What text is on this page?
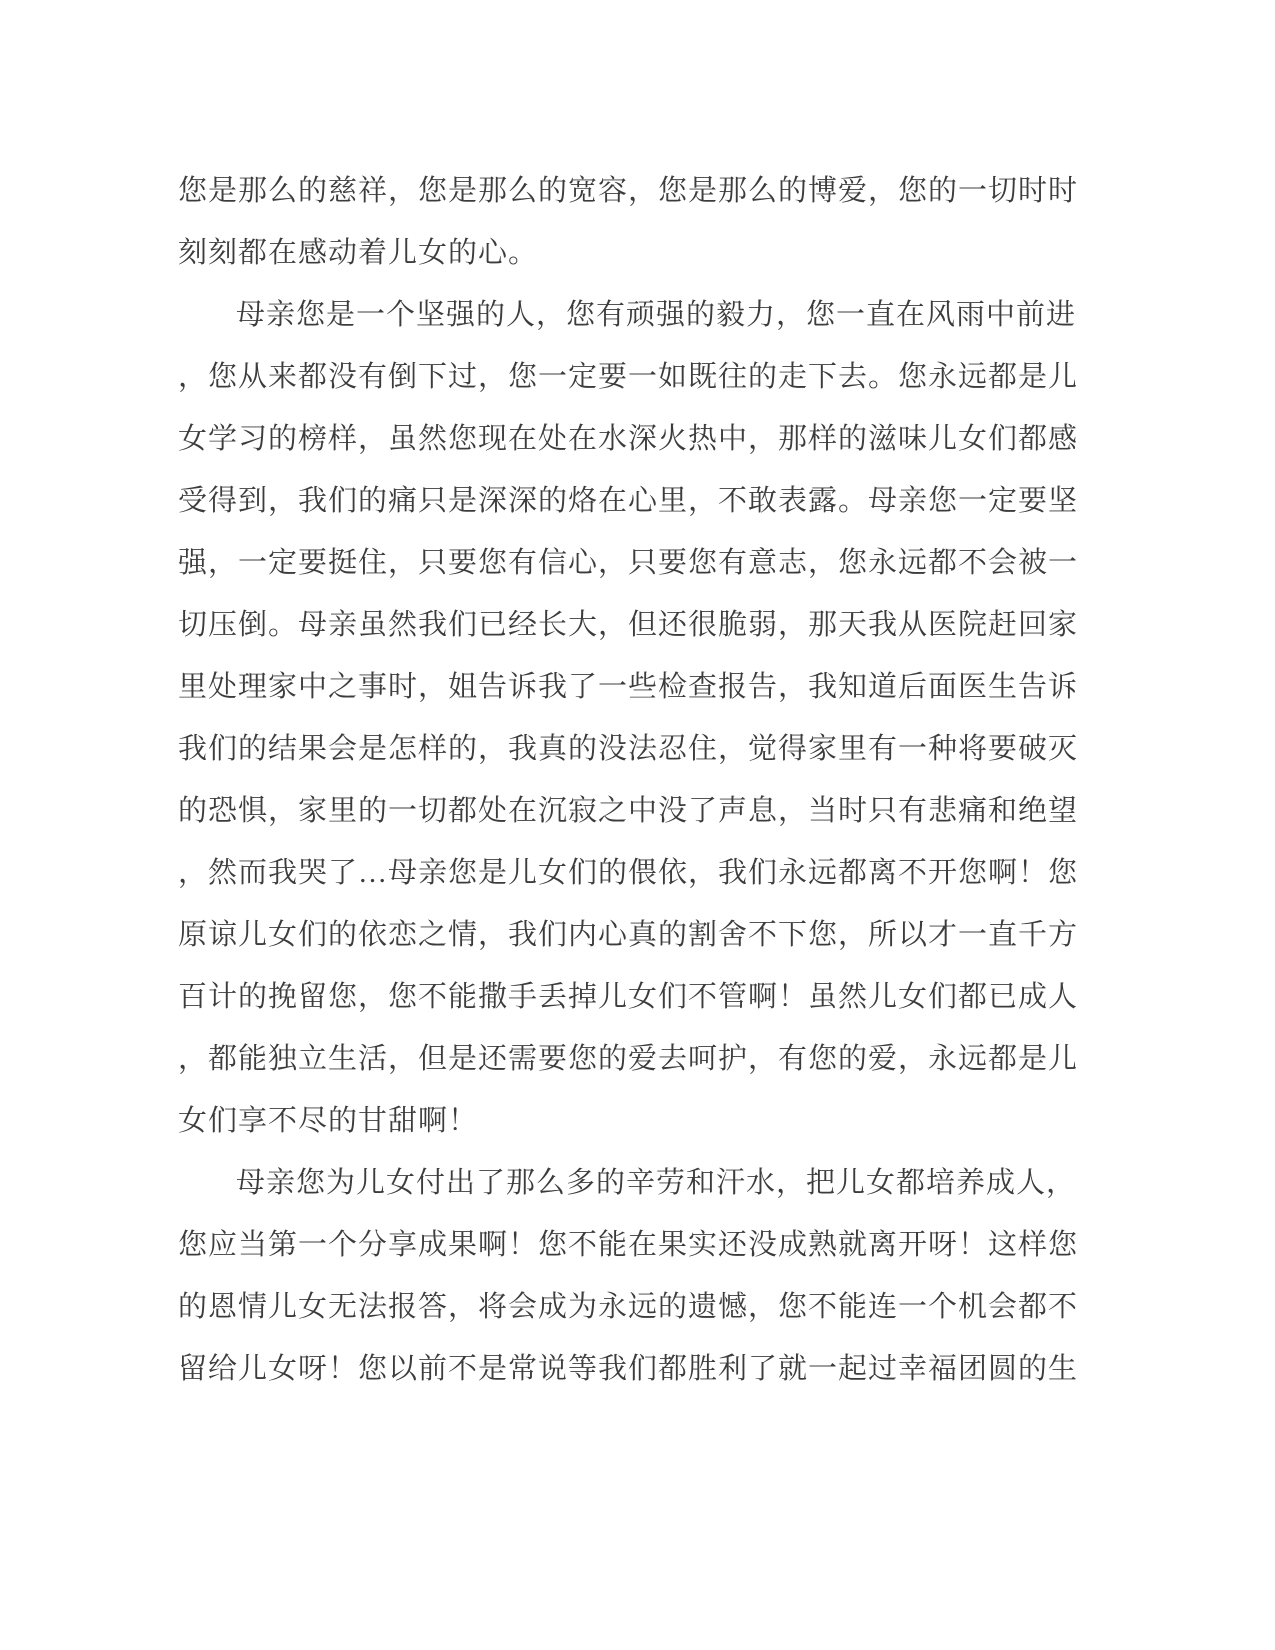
您是那么的慈祥，您是那么的宽容，您是那么的博爱，您的一切时时
刻刻都在感动着儿女的心。
母亲您是一个坚强的人，您有顽强的毅力，您一直在风雨中前进
，您从来都没有倒下过，您一定要一如既往的走下去。您永远都是儿
女学习的榜样，虽然您现在处在水深火热中，那样的滋味儿女们都感
受得到，我们的痛只是深深的烙在心里，不敢表露。母亲您一定要坚
强，一定要挺住，只要您有信心，只要您有意志，您永远都不会被一
切压倒。母亲虽然我们已经长大，但还很脆弱，那天我从医院赶回家
里处理家中之事时，姐告诉我了一些检查报告，我知道后面医生告诉
我们的结果会是怎样的，我真的没法忍住，觉得家里有一种将要破灭
的恐惧，家里的一切都处在沉寂之中没了声息，当时只有悲痛和绝望
，然而我哭了…母亲您是儿女们的偎依，我们永远都离不开您啊！您
原谅儿女们的依恋之情，我们内心真的割舍不下您，所以才一直千方
百计的挽留您，您不能撒手丢掉儿女们不管啊！虽然儿女们都已成人
，都能独立生活，但是还需要您的爱去呵护，有您的爱，永远都是儿
女们享不尽的甘甜啊！
母亲您为儿女付出了那么多的辛劳和汗水，把儿女都培养成人，
您应当第一个分享成果啊！您不能在果实还没成熟就离开呀！这样您
的恩情儿女无法报答，将会成为永远的遗憾，您不能连一个机会都不
留给儿女呀！您以前不是常说等我们都胜利了就一起过幸福团圆的生
